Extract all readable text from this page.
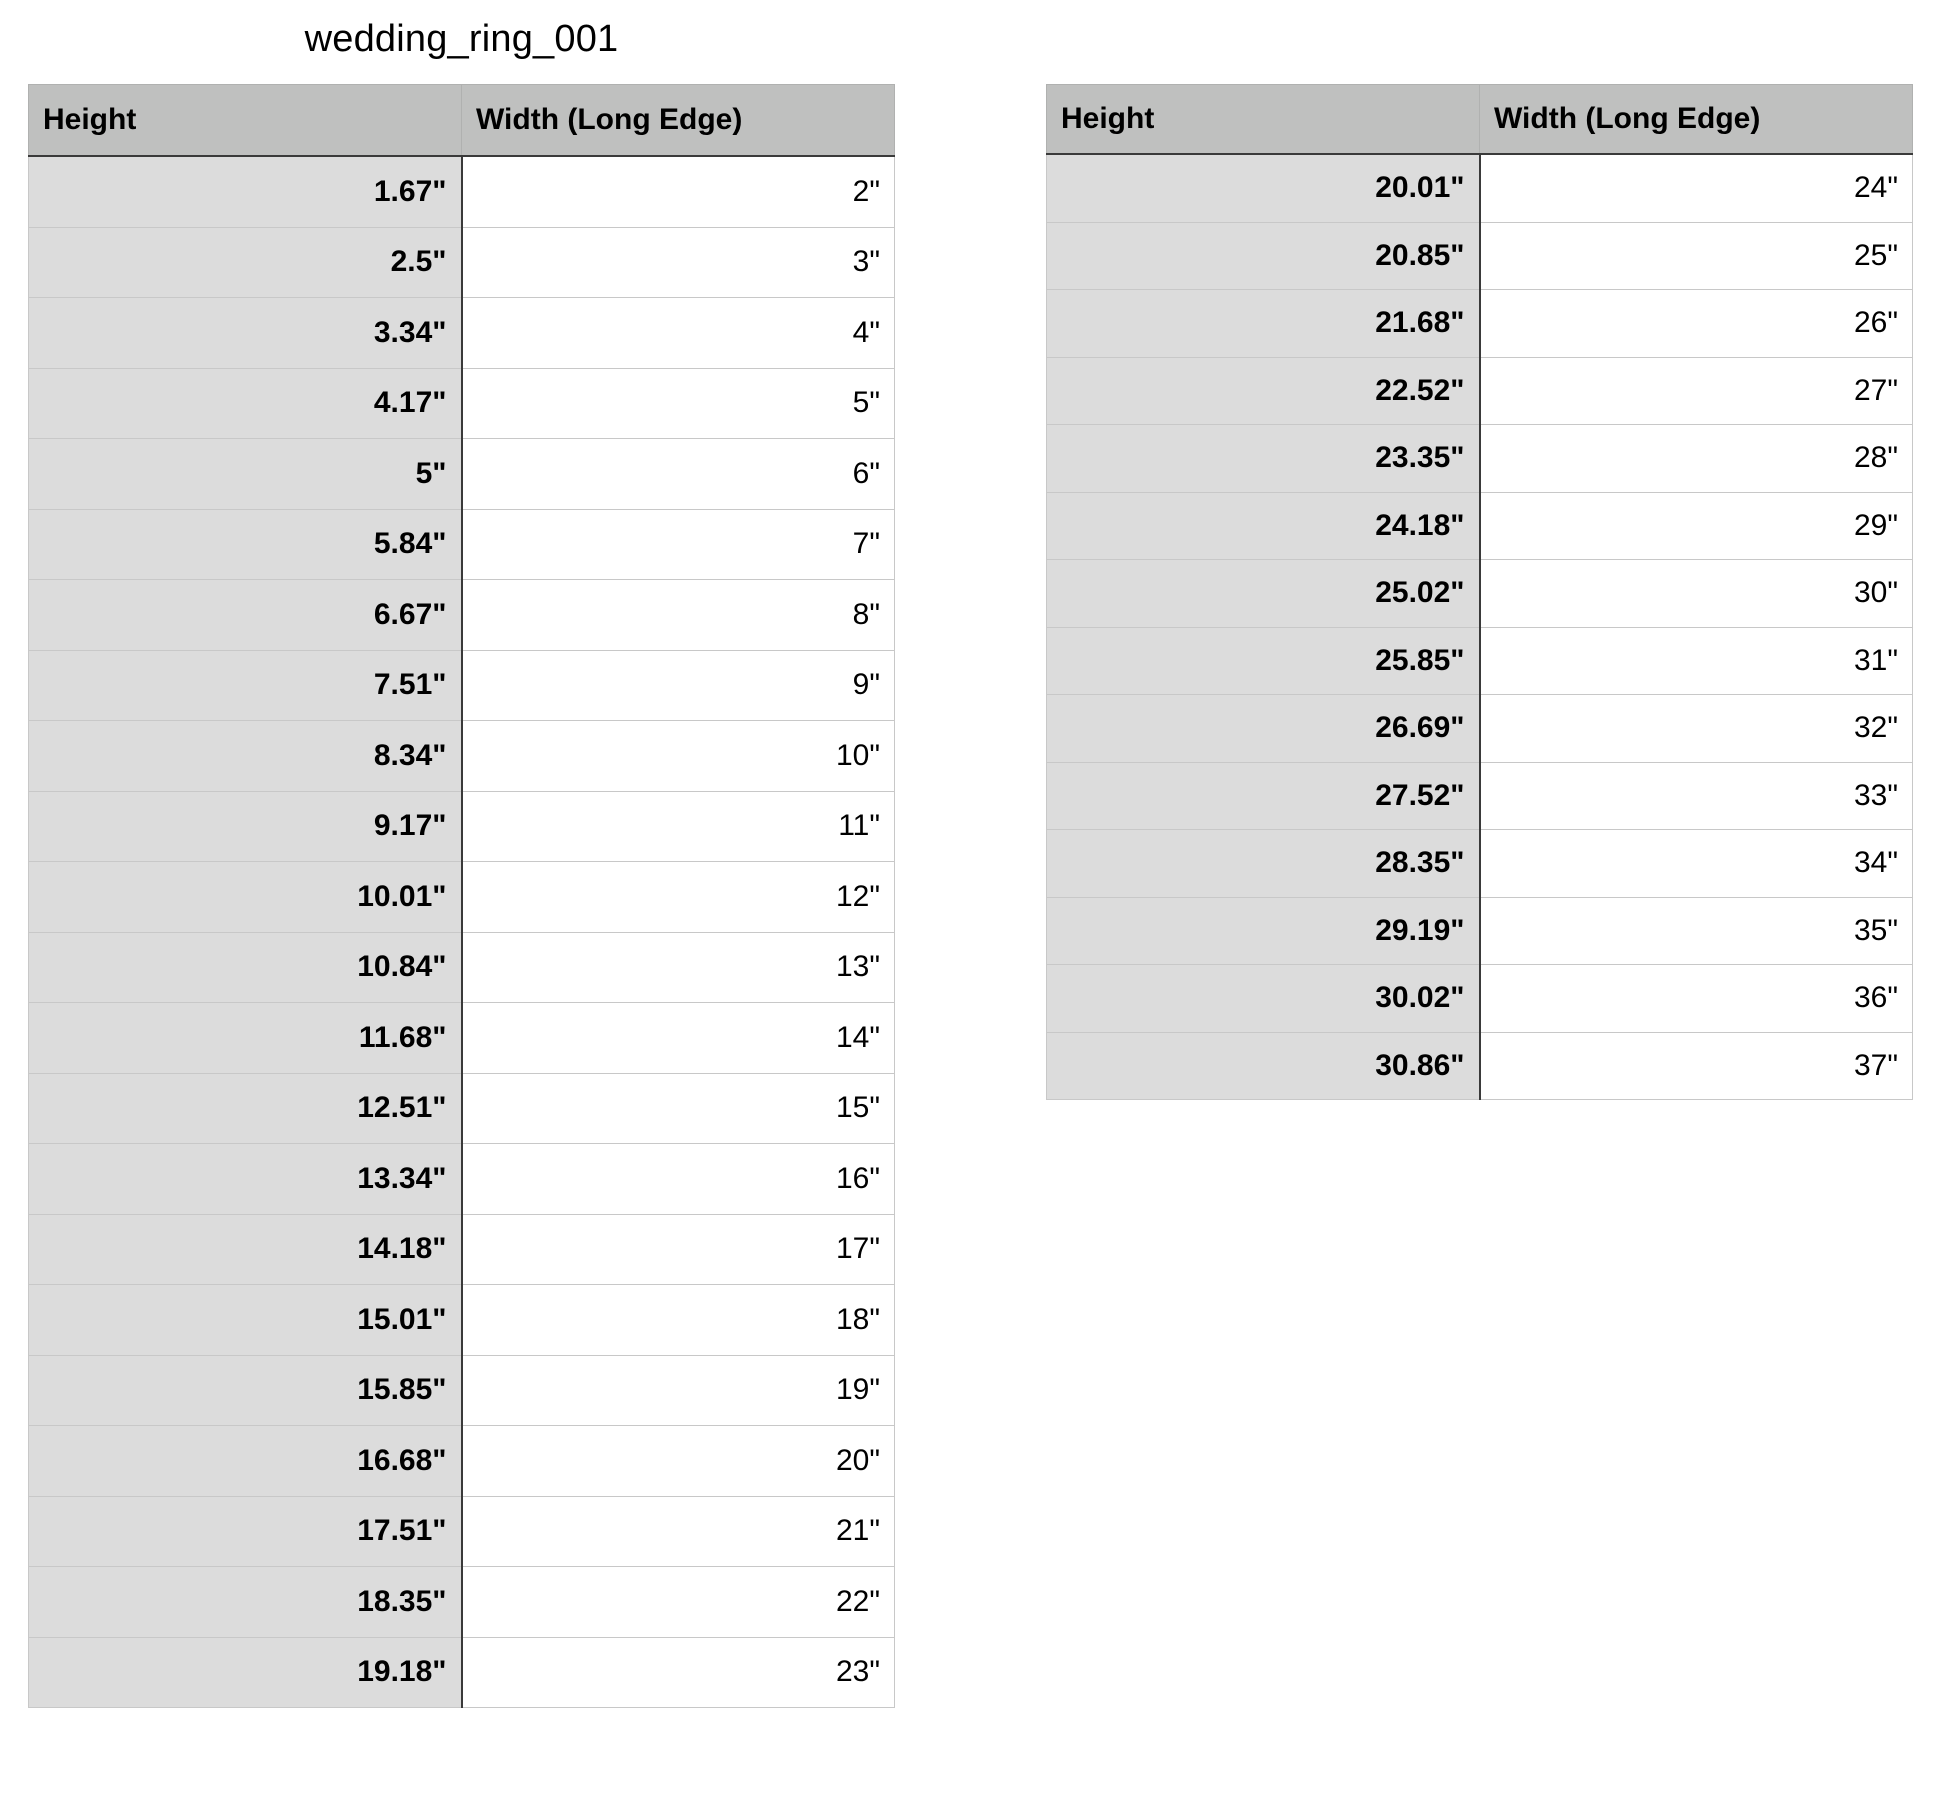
wedding_ring_001
Height	Width (Long Edge)
1.67"	2"
2.5"	3"
3.34"	4"
4.17"	5"
5"	6"
5.84"	7"
6.67"	8"
7.51"	9"
8.34"	10"
9.17"	11"
10.01"	12"
10.84"	13"
11.68"	14"
12.51"	15"
13.34"	16"
14.18"	17"
15.01"	18"
15.85"	19"
16.68"	20"
17.51"	21"
18.35"	22"
19.18"	23"
Height	Width (Long Edge)
20.01"	24"
20.85"	25"
21.68"	26"
22.52"	27"
23.35"	28"
24.18"	29"
25.02"	30"
25.85"	31"
26.69"	32"
27.52"	33"
28.35"	34"
29.19"	35"
30.02"	36"
30.86"	37"
